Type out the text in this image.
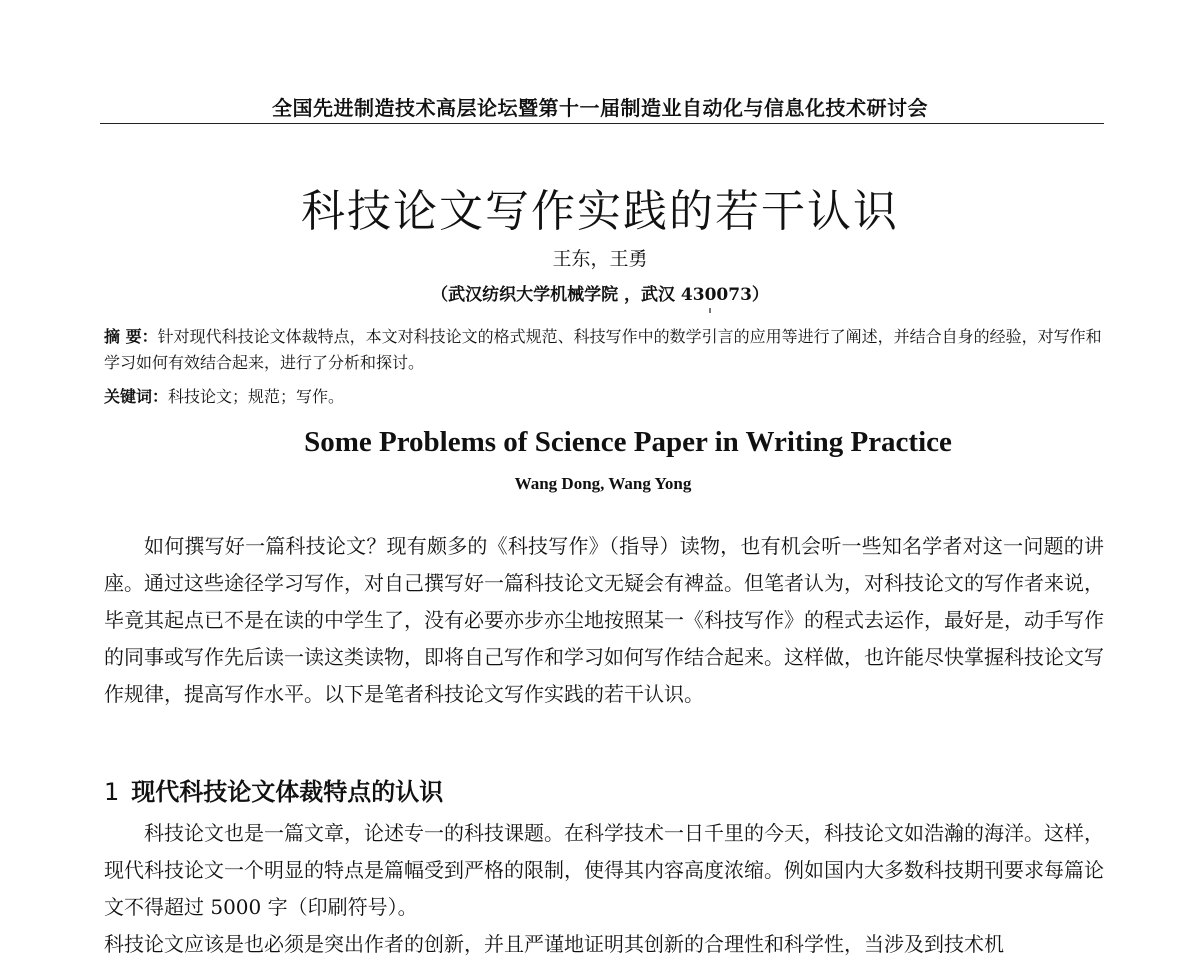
全国先进制造技术高层论坛暨第十一届制造业自动化与信息化技术研讨会
科技论文写作实践的若干认识
王东，王勇
（武汉纺织大学机械学院 ，武汉 430073）
摘 要：针对现代科技论文体裁特点，本文对科技论文的格式规范、科技写作中的数学引言的应用等进行了阐述，并结合自身的经验，对写作和学习如何有效结合起来，进行了分析和探讨。
关键词：科技论文；规范；写作。
Some Problems of Science Paper in Writing Practice
Wang Dong, Wang Yong

如何撰写好一篇科技论文？现有颇多的《科技写作》（指导）读物，也有机会听一些知名学者对这一问题的讲座。通过这些途径学习写作，对自己撰写好一篇科技论文无疑会有裨益。但笔者认为，对科技论文的写作者来说，毕竟其起点已不是在读的中学生了，没有必要亦步亦尘地按照某一《科技写作》的程式去运作，最好是，动手写作的同事或写作先后读一读这类读物，即将自己写作和学习如何写作结合起来。这样做，也许能尽快掌握科技论文写作规律，提高写作水平。以下是笔者科技论文写作实践的若干认识。

1 现代科技论文体裁特点的认识

科技论文也是一篇文章，论述专一的科技课题。在科学技术一日千里的今天，科技论文如浩瀚的海洋。这样，现代科技论文一个明显的特点是篇幅受到严格的限制，使得其内容高度浓缩。例如国内大多数科技期刊要求每篇论文不得超过 5000 字（印刷符号）。

科技论文应该是也必须是突出作者的创新，并且严谨地证明其创新的合理性和科学性，当涉及到技术机
